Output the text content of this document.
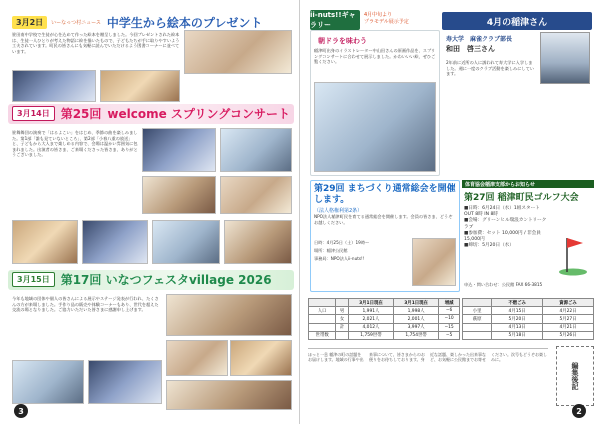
3月2日	いーなっつ村ニュース 中学生から絵本のプレゼント
笹田南中学校で生徒が心を込めて作った絵本を贈呈しました。今回プレゼントされた絵本は、生徒一人ひとりが考えた物語に絵を描いたもので、子どもたちが手に取りやすいよう工夫されています。町民の皆さんにも気軽に読んでいただけるよう図書コーナーに並べています。
3月14日 第25回 welcome スプリングコンサート
笹舞舞団の演奏で「はるよこい」をはじめ、季節の曲を楽しみました。第1部「誰も見ていないところ」、第2部「小春八重の放送」と、子どもから大人まで楽しめる内容で、会場は温かい雰囲気に包まれました。出演者の皆さま、ご来場くださった皆さま、ありがとうございました。
3月15日 第17回 いなつフェスタvillage 2026
今年も地域の団体や個人の皆さんによる展示やステージ発表が行われ、たくさんの方が来場しました。手作り品の販売や体験コーナーもあり、世代を超えた交流の場となりました。ご協力いただいた皆さまに感謝申し上げます。
3
ii-nuts!!ギャラリー
4月中旬より
プラモデル展示予定
朝ドラを味わう
稲津町出身のイラストレーター中山田さんの原画作品を、スプリングコンサートに合わせて展示しました。かわいいい絵、ぜひご覧ください。
4月の稲津さん
寿大学　麻雀クラブ部長
和田　啓三さん
2年前に近所の人に誘われて寿大学に入学しました。週に一度のクラブ活動を楽しみにしています。
第29回 まちづくり通常総会を開催します。
（法人格権利第2条）
NPO法人稲津町民を育てる通常総会を開催します。会員の皆さま、どうぞお越しください。
日時：4月25日（土）19時～
場所：稲津公民館
事務局：NPO法人ii-nuts!!
体育協会稲津支部からお知らせ
第27回 稲津町民ゴルフ大会
■日時：6月24日（水）1組スタート OUT 8時 IN 8時
■会場：グリーンヒル瑞浪カントリークラブ
■参加費：セット 10,000円 / 非会員 15,000円
■締切：5月20日（水）
申込・問い合わせ：公民館 FAX 66-3815
		3月1日現在	3月1日現在	増減
人口	男	1,991人	1,998人	−6
	女	2,021人	2,001人	−10
	計	4,012人	3,997人	−15
世帯数		1,759世帯	1,754世帯	−5
	不燃ごみ	資源ごみ
小里	4月15日	4月22日
萩原	5月20日	5月27日
	4月13日	4月21日
	5月18日	5月26日
ほっと一息 稲津の町の話題をお届けします。地域の行事や出来事について、皆さまからのお便りをお待ちしております。身近な話題、楽しかった出来事など、お気軽に公民館までお寄せください。次号もどうぞお楽しみに。
編集後記
2
